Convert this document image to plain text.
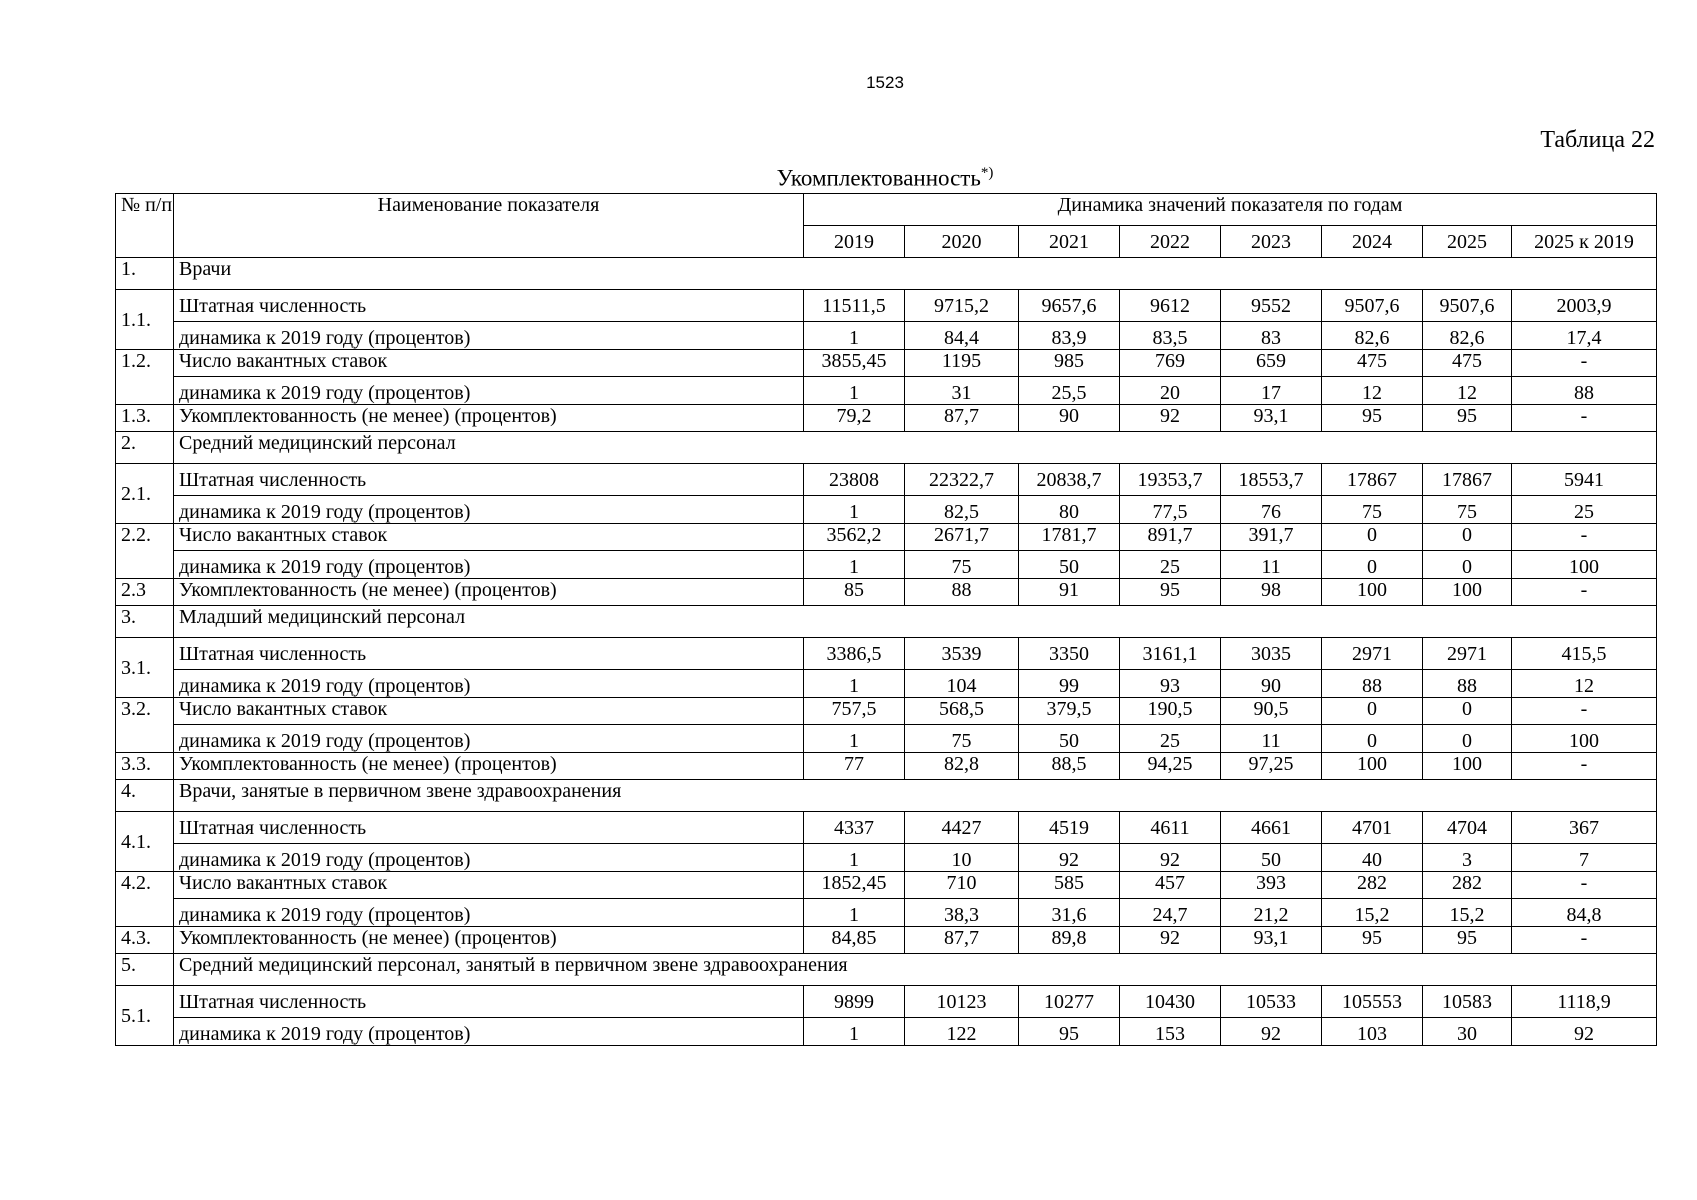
1523
Таблица 22
Укомплектованность*)
№ п/п	Наименование показателя	Динамика значений показателя по годам							
		2019	2020	2021	2022	2023	2024	2025	2025 к 2019
1.	Врачи								
1.1.	Штатная численность	11511,5	9715,2	9657,6	9612	9552	9507,6	9507,6	2003,9
	динамика к 2019 году (процентов)	1	84,4	83,9	83,5	83	82,6	82,6	17,4
1.2.	Число вакантных ставок	3855,45	1195	985	769	659	475	475	-
	динамика к 2019 году (процентов)	1	31	25,5	20	17	12	12	88
1.3.	Укомплектованность (не менее) (процентов)	79,2	87,7	90	92	93,1	95	95	-
2.	Средний медицинский персонал								
2.1.	Штатная численность	23808	22322,7	20838,7	19353,7	18553,7	17867	17867	5941
	динамика к 2019 году (процентов)	1	82,5	80	77,5	76	75	75	25
2.2.	Число вакантных ставок	3562,2	2671,7	1781,7	891,7	391,7	0	0	-
	динамика к 2019 году (процентов)	1	75	50	25	11	0	0	100
2.3	Укомплектованность (не менее) (процентов)	85	88	91	95	98	100	100	-
3.	Младший медицинский персонал								
3.1.	Штатная численность	3386,5	3539	3350	3161,1	3035	2971	2971	415,5
	динамика к 2019 году (процентов)	1	104	99	93	90	88	88	12
3.2.	Число вакантных ставок	757,5	568,5	379,5	190,5	90,5	0	0	-
	динамика к 2019 году (процентов)	1	75	50	25	11	0	0	100
3.3.	Укомплектованность (не менее) (процентов)	77	82,8	88,5	94,25	97,25	100	100	-
4.	Врачи, занятые в первичном звене здравоохранения								
4.1.	Штатная численность	4337	4427	4519	4611	4661	4701	4704	367
	динамика к 2019 году (процентов)	1	10	92	92	50	40	3	7
4.2.	Число вакантных ставок	1852,45	710	585	457	393	282	282	-
	динамика к 2019 году (процентов)	1	38,3	31,6	24,7	21,2	15,2	15,2	84,8
4.3.	Укомплектованность (не менее) (процентов)	84,85	87,7	89,8	92	93,1	95	95	-
5.	Средний медицинский персонал, занятый в первичном звене здравоохранения								
5.1.	Штатная численность	9899	10123	10277	10430	10533	105553	10583	1118,9
	динамика к 2019 году (процентов)	1	122	95	153	92	103	30	92
